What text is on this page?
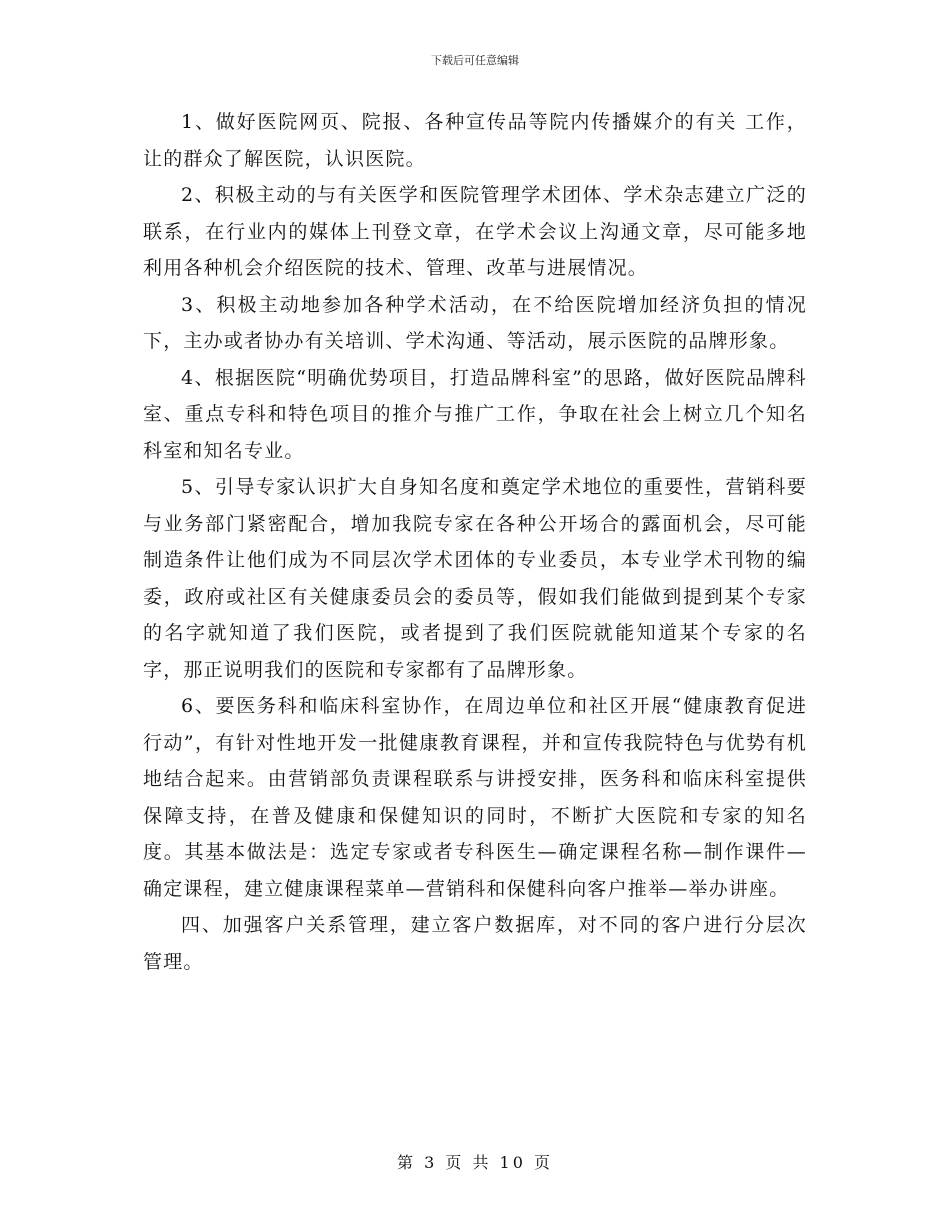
下载后可任意编辑

1、做好医院网页、院报、各种宣传品等院内传播媒介的有关 工作，让的群众了解医院，认识医院。

2、积极主动的与有关医学和医院管理学术团体、学术杂志建立广泛的联系，在行业内的媒体上刊登文章，在学术会议上沟通文章，尽可能多地利用各种机会介绍医院的技术、管理、改革与进展情况。

3、积极主动地参加各种学术活动，在不给医院增加经济负担的情况下，主办或者协办有关培训、学术沟通、等活动，展示医院的品牌形象。

4、根据医院“明确优势项目，打造品牌科室”的思路，做好医院品牌科室、重点专科和特色项目的推介与推广工作，争取在社会上树立几个知名科室和知名专业。

5、引导专家认识扩大自身知名度和奠定学术地位的重要性，营销科要与业务部门紧密配合，增加我院专家在各种公开场合的露面机会，尽可能制造条件让他们成为不同层次学术团体的专业委员，本专业学术刊物的编委，政府或社区有关健康委员会的委员等，假如我们能做到提到某个专家的名字就知道了我们医院，或者提到了我们医院就能知道某个专家的名字，那正说明我们的医院和专家都有了品牌形象。

6、要医务科和临床科室协作，在周边单位和社区开展“健康教育促进行动”，有针对性地开发一批健康教育课程，并和宣传我院特色与优势有机地结合起来。由营销部负责课程联系与讲授安排，医务科和临床科室提供保障支持，在普及健康和保健知识的同时，不断扩大医院和专家的知名度。其基本做法是：选定专家或者专科医生—确定课程名称—制作课件—确定课程，建立健康课程菜单—营销科和保健科向客户推举—举办讲座。

四、加强客户关系管理，建立客户数据库，对不同的客户进行分层次管理。

第 3 页 共 10 页
